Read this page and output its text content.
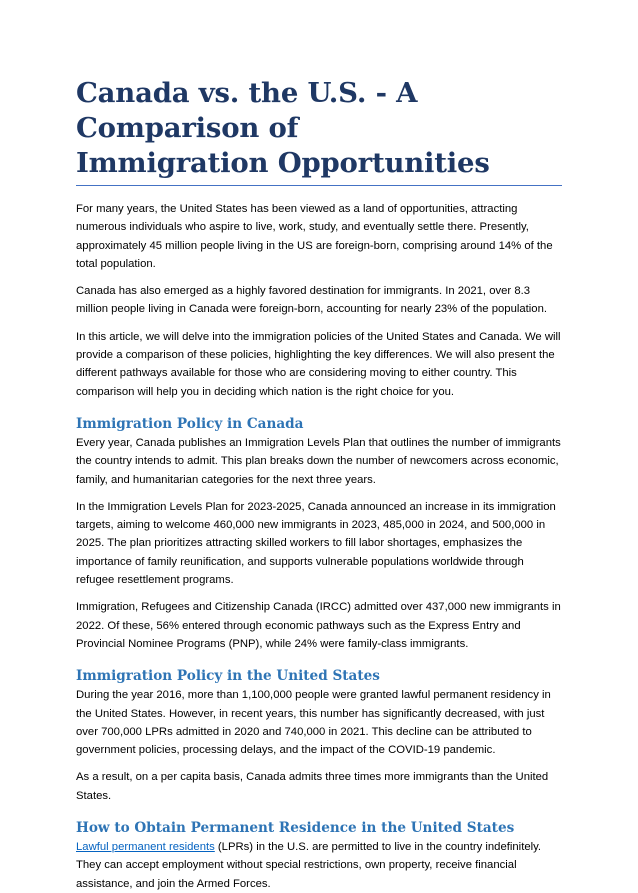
Canada vs. the U.S. - A Comparison of
Immigration Opportunities

For many years, the United States has been viewed as a land of opportunities, attracting numerous individuals who aspire to live, work, study, and eventually settle there. Presently, approximately 45 million people living in the US are foreign-born, comprising around 14% of the total population.

Canada has also emerged as a highly favored destination for immigrants. In 2021, over 8.3 million people living in Canada were foreign-born, accounting for nearly 23% of the population.

In this article, we will delve into the immigration policies of the United States and Canada. We will provide a comparison of these policies, highlighting the key differences. We will also present the different pathways available for those who are considering moving to either country. This comparison will help you in deciding which nation is the right choice for you.

Immigration Policy in Canada

Every year, Canada publishes an Immigration Levels Plan that outlines the number of immigrants the country intends to admit. This plan breaks down the number of newcomers across economic, family, and humanitarian categories for the next three years.

In the Immigration Levels Plan for 2023-2025, Canada announced an increase in its immigration targets, aiming to welcome 460,000 new immigrants in 2023, 485,000 in 2024, and 500,000 in 2025. The plan prioritizes attracting skilled workers to fill labor shortages, emphasizes the importance of family reunification, and supports vulnerable populations worldwide through refugee resettlement programs.

Immigration, Refugees and Citizenship Canada (IRCC) admitted over 437,000 new immigrants in 2022. Of these, 56% entered through economic pathways such as the Express Entry and Provincial Nominee Programs (PNP), while 24% were family-class immigrants.

Immigration Policy in the United States

During the year 2016, more than 1,100,000 people were granted lawful permanent residency in the United States. However, in recent years, this number has significantly decreased, with just over 700,000 LPRs admitted in 2020 and 740,000 in 2021. This decline can be attributed to government policies, processing delays, and the impact of the COVID-19 pandemic.

As a result, on a per capita basis, Canada admits three times more immigrants than the United States.

How to Obtain Permanent Residence in the United States

Lawful permanent residents (LPRs) in the U.S. are permitted to live in the country indefinitely. They can accept employment without special restrictions, own property, receive financial assistance, and join the Armed Forces.
